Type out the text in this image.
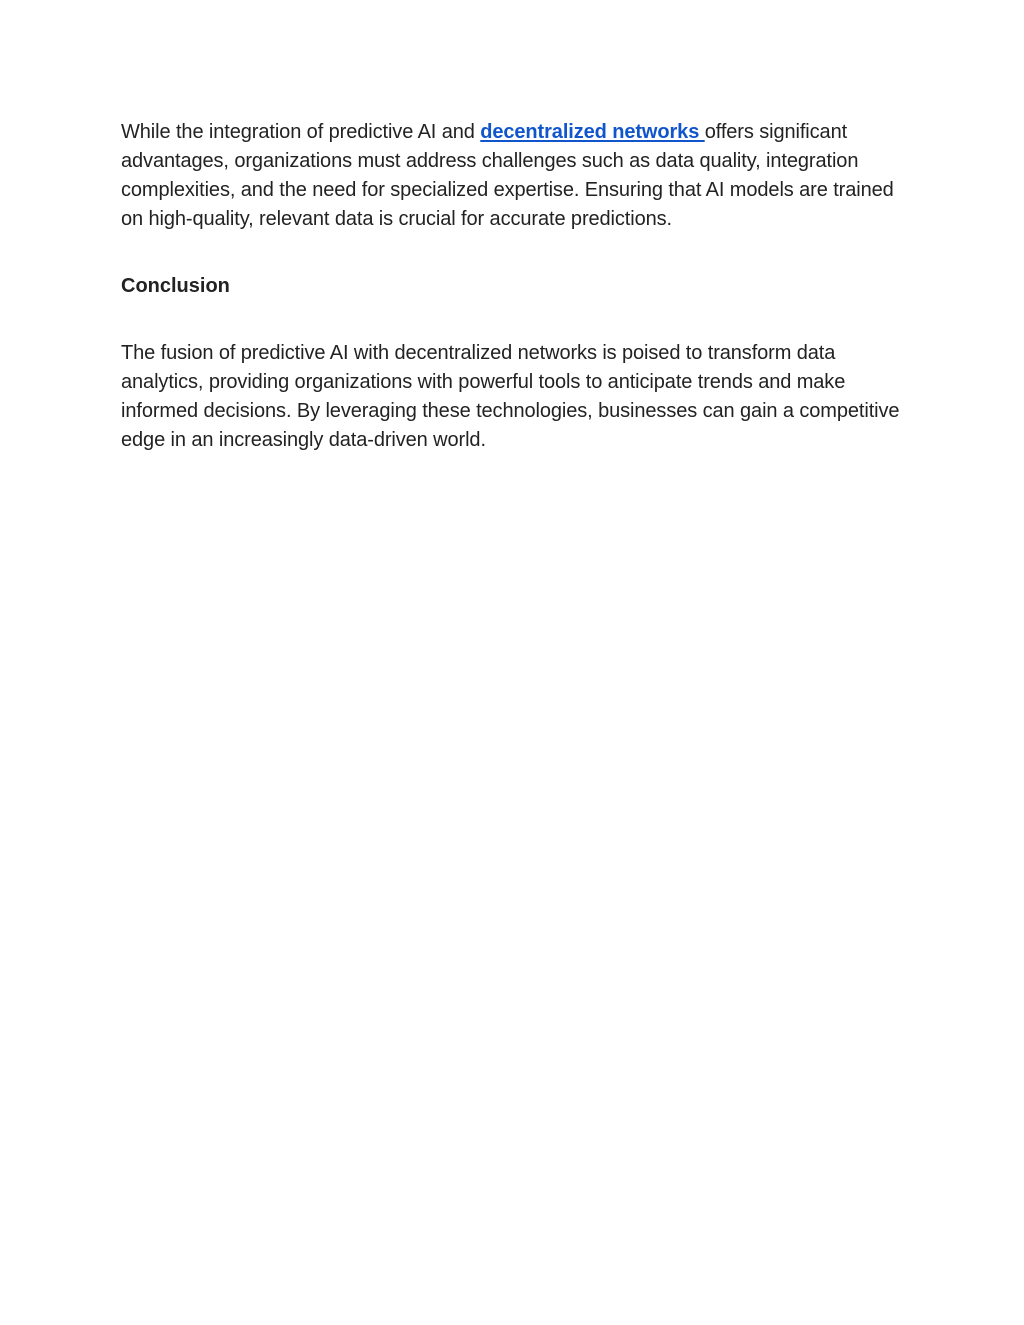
While the integration of predictive AI and decentralized networks offers significant advantages, organizations must address challenges such as data quality, integration complexities, and the need for specialized expertise. Ensuring that AI models are trained on high-quality, relevant data is crucial for accurate predictions.

Conclusion

The fusion of predictive AI with decentralized networks is poised to transform data analytics, providing organizations with powerful tools to anticipate trends and make informed decisions. By leveraging these technologies, businesses can gain a competitive edge in an increasingly data-driven world.
